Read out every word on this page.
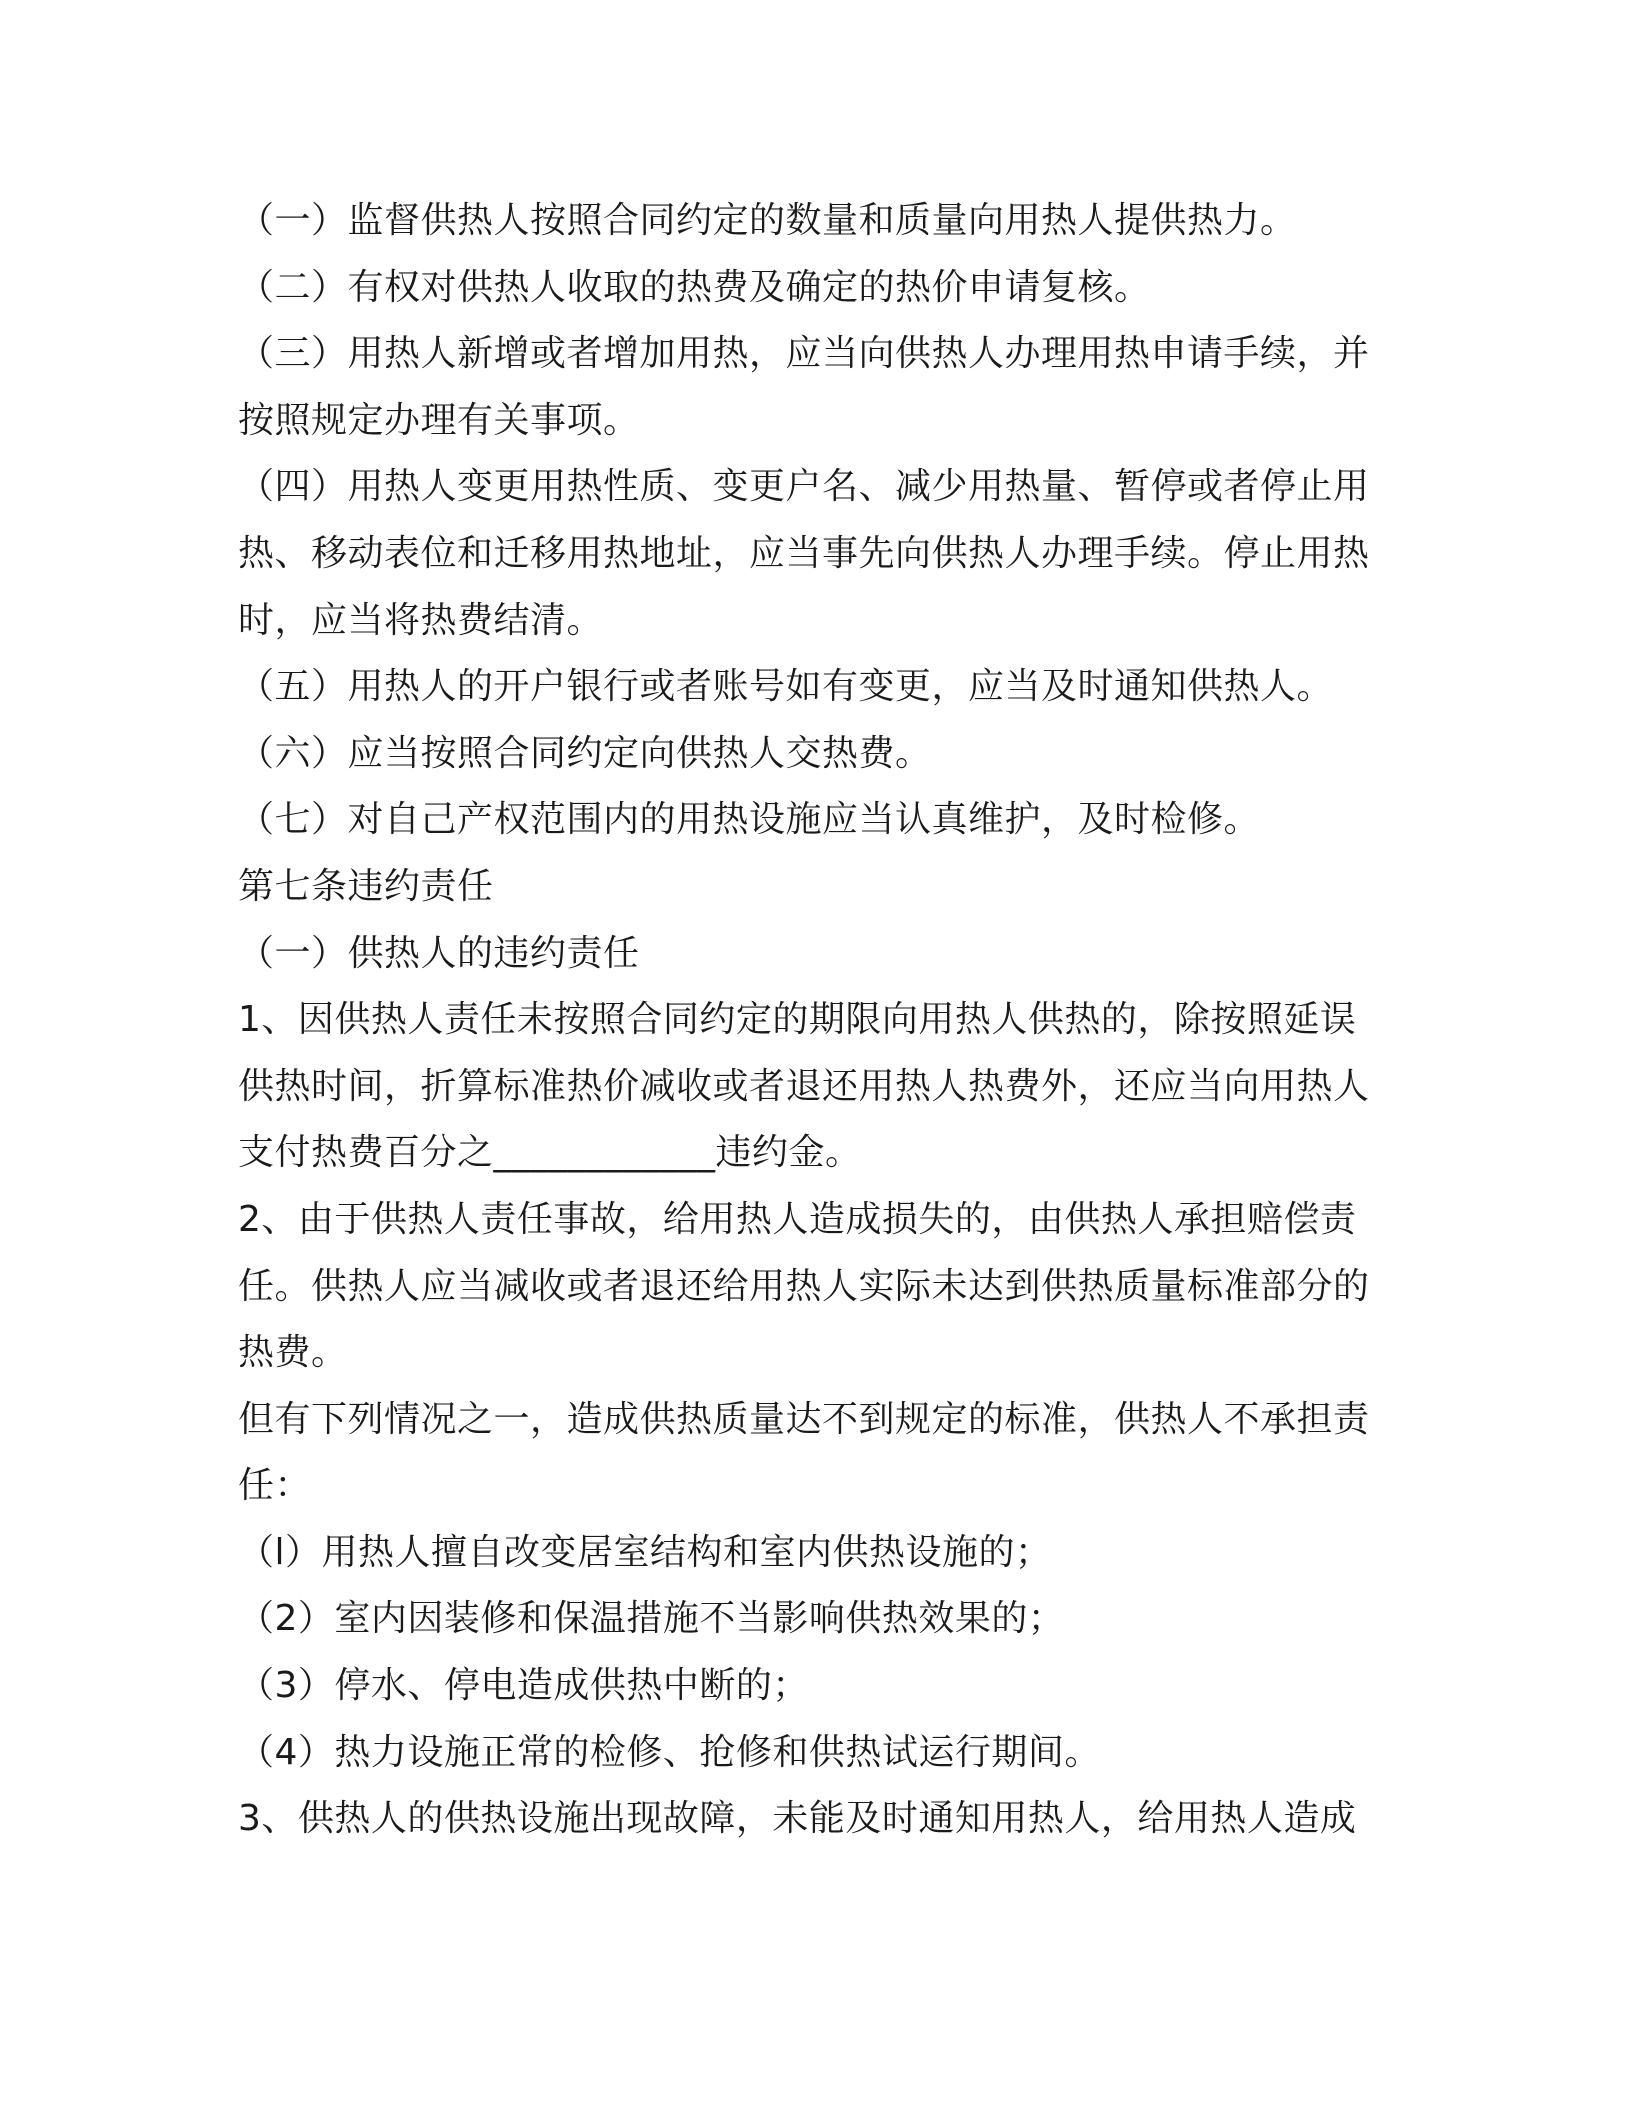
（一）监督供热人按照合同约定的数量和质量向用热人提供热力。
（二）有权对供热人收取的热费及确定的热价申请复核。
（三）用热人新增或者增加用热，应当向供热人办理用热申请手续，并
按照规定办理有关事项。
（四）用热人变更用热性质、变更户名、减少用热量、暂停或者停止用
热、移动表位和迁移用热地址，应当事先向供热人办理手续。停止用热
时，应当将热费结清。
（五）用热人的开户银行或者账号如有变更，应当及时通知供热人。
（六）应当按照合同约定向供热人交热费。
（七）对自己产权范围内的用热设施应当认真维护，及时检修。
第七条违约责任
（一）供热人的违约责任
1、因供热人责任未按照合同约定的期限向用热人供热的，除按照延误
供热时间，折算标准热价减收或者退还用热人热费外，还应当向用热人
支付热费百分之____________违约金。
2、由于供热人责任事故，给用热人造成损失的，由供热人承担赔偿责
任。供热人应当减收或者退还给用热人实际未达到供热质量标准部分的
热费。
但有下列情况之一，造成供热质量达不到规定的标准，供热人不承担责
任：
（l）用热人擅自改变居室结构和室内供热设施的；
（2）室内因装修和保温措施不当影响供热效果的；
（3）停水、停电造成供热中断的；
（4）热力设施正常的检修、抢修和供热试运行期间。
3、供热人的供热设施出现故障，未能及时通知用热人，给用热人造成
